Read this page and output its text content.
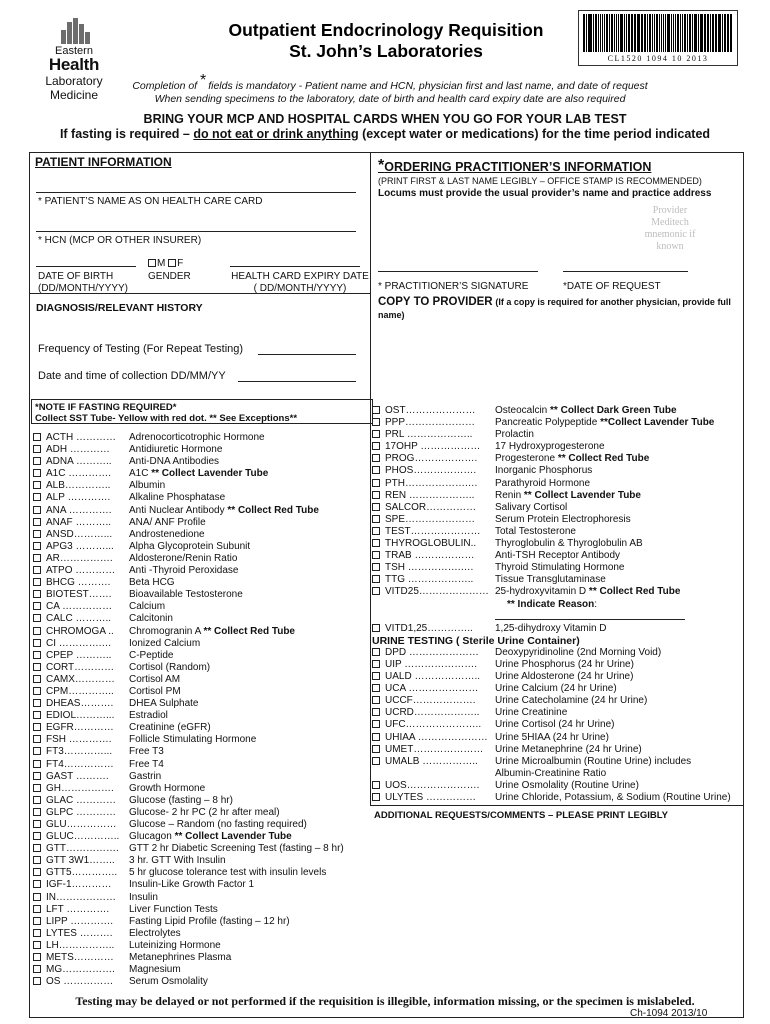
Eastern
Health
Laboratory
Medicine
Outpatient Endocrinology Requisition
St. John’s Laboratories	CL1520 1094 10 2013
Completion of * fields is mandatory - Patient name and HCN, physician first and last name, and date of request
When sending specimens to the laboratory, date of birth and health card expiry date are also required
BRING YOUR MCP AND HOSPITAL CARDS WHEN YOU GO FOR YOUR LAB TEST
If fasting is required – do not eat or drink anything (except water or medications) for the time period indicated
PATIENT INFORMATION
* PATIENT’S NAME AS ON HEALTH CARE CARD
* HCN (MCP OR OTHER INSURER)
DATE OF BIRTH
(DD/MONTH/YYYY)
M F
GENDER	HEALTH CARD EXPIRY DATE
( DD/MONTH/YYYY)
DIAGNOSIS/RELEVANT HISTORY
Frequency of Testing (For Repeat Testing)
Date and time of collection DD/MM/YY
*ORDERING PRACTITIONER’S INFORMATION
(PRINT FIRST & LAST NAME LEGIBLY – OFFICE STAMP IS RECOMMENDED)
Locums must provide the usual provider’s name and practice address
Provider
Meditech
mnemonic if
known
* PRACTITIONER’S SIGNATURE	*DATE OF REQUEST
COPY TO PROVIDER (If a copy is required for another physician, provide full name)
*NOTE IF FASTING REQUIRED*
Collect SST Tube- Yellow with red dot. ** See Exceptions**
ACTH …………	Adrenocorticotrophic Hormone
ADH …………	Antidiuretic Hormone
ADNA ………..	Anti-DNA Antibodies
A1C ………….	A1C ** Collect Lavender Tube
ALB…………..	Albumin
ALP ………….	Alkaline Phosphatase
ANA ………….	Anti Nuclear Antibody ** Collect Red Tube
ANAF ………..	ANA/ ANF Profile
ANSD………...	Androstenedione
APG3 ………...	Alpha Glycoprotein Subunit
AR…………….	Aldosterone/Renin Ratio
ATPO …………	Anti -Thyroid Peroxidase
BHCG ……….	Beta HCG
BIOTEST…….	Bioavailable Testosterone
CA ……………	Calcium
CALC ………..	Calcitonin
CHROMOGA ..	Chromogranin A ** Collect Red Tube
CI ………….…	Ionized Calcium
CPEP ………..	C-Peptide
CORT…………	Cortisol (Random)
CAMX…………	Cortisol AM
CPM…………..	Cortisol PM
DHEAS……….	DHEA Sulphate
EDIOL………...	Estradiol
EGFR…………	Creatinine (eGFR)
FSH ………….	Follicle Stimulating Hormone
FT3…………...	Free T3
FT4……………	Free T4
GAST ……….	Gastrin
GH…………….	Growth Hormone
GLAC …………	Glucose (fasting – 8 hr)
GLPC …………	Glucose- 2 hr PC (2 hr after meal)
GLU……………	Glucose – Random (no fasting required)
GLUC………….. Glucagon ** Collect Lavender Tube
GTT…………….	GTT 2 hr Diabetic Screening Test (fasting – 8 hr)
GTT 3W1……..	3 hr. GTT With Insulin
GTT5…………..	5 hr glucose tolerance test with insulin levels
IGF-1…………	Insulin-Like Growth Factor 1
IN………………	Insulin
LFT ………….	Liver Function Tests
LIPP ………….	Fasting Lipid Profile (fasting – 12 hr)
LYTES ……….	Electrolytes
LH……………..	Luteinizing Hormone
METS…………	Metanephrines Plasma
MG…………….	Magnesium
OS ……………	Serum Osmolality
OST…………………	Osteocalcin ** Collect Dark Green Tube
PPP…………………	Pancreatic Polypeptide **Collect Lavender Tube
PRL ………………..	Prolactin
17OHP ………………	17 Hydroxyprogesterone
PROG……………….	Progesterone ** Collect Red Tube
PHOS……………….	Inorganic Phosphorus
PTH……………….…	Parathyroid Hormone
REN ………………..	Renin ** Collect Lavender Tube
SALCOR……………	Salivary Cortisol
SPE…………………	Serum Protein Electrophoresis
TEST…………………	Total Testosterone
THYROGLOBULIN..	Thyroglobulin & Thyroglobulin AB
TRAB ………………	Anti-TSH Receptor Antibody
TSH …………….….	Thyroid Stimulating Hormone
TTG ………………..	Tissue Transglutaminase
VITD25………………… 25-hydroxyvitamin D ** Collect Red Tube
** Indicate Reason :
VITD1,25…………..	1,25-dihydroxy Vitamin D
URINE TESTING ( Sterile Urine Container)
DPD …………………	Deoxypyridinoline (2nd Morning Void)
UIP ………………….	Urine Phosphorus (24 hr Urine)
UALD ………………..	Urine Aldosterone (24 hr Urine)
UCA …………………	Urine Calcium (24 hr Urine)
UCCF……………….	Urine Catecholamine (24 hr Urine)
UCRD………………..	Urine Creatinine
UFC…………………..	Urine Cortisol (24 hr Urine)
UHIAA ………………… Urine 5HIAA (24 hr Urine)
UMET…………………	Urine Metanephrine (24 hr Urine)
UMALB ……………..	Urine Microalbumin (Routine Urine) includes
Albumin-Creatinine Ratio
UOS………………….	Urine Osmolality (Routine Urine)
ULYTES ……………	Urine Chloride, Potassium, & Sodium (Routine Urine)
ADDITIONAL REQUESTS/COMMENTS – PLEASE PRINT LEGIBLY
Testing may be delayed or not performed if the requisition is illegible, information missing, or the specimen is mislabeled.
Ch-1094 2013/10
